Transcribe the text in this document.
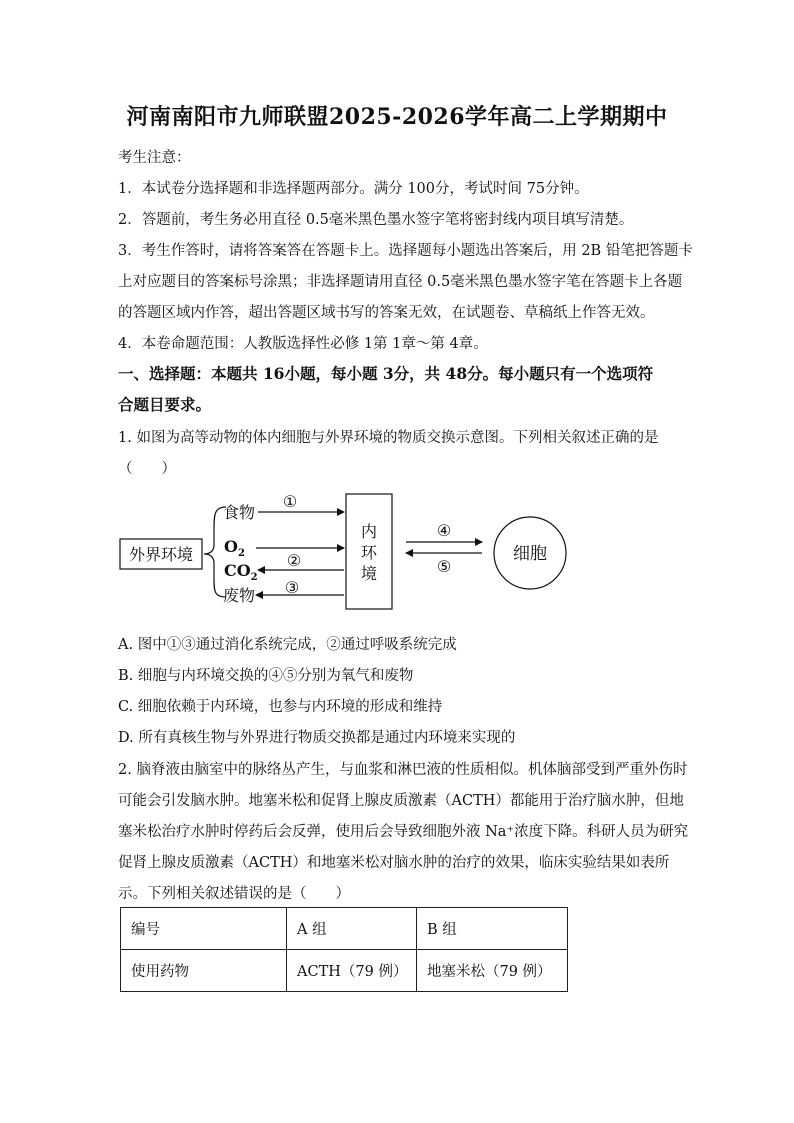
河南南阳市九师联盟2025-2026学年高二上学期期中
考生注意：
1．本试卷分选择题和非选择题两部分。满分 100分，考试时间 75分钟。
2．答题前，考生务必用直径 0.5毫米黑色墨水签字笔将密封线内项目填写清楚。
3．考生作答时，请将答案答在答题卡上。选择题每小题选出答案后，用 2B 铅笔把答题卡
上对应题目的答案标号涂黑；非选择题请用直径 0.5毫米黑色墨水签字笔在答题卡上各题
的答题区域内作答，超出答题区域书写的答案无效，在试题卷、草稿纸上作答无效。
4．本卷命题范围：人教版选择性必修 1第 1章～第 4章。
一、选择题：本题共 16小题，每小题 3分，共 48分。每小题只有一个选项符
合题目要求。
1. 如图为高等动物的体内细胞与外界环境的物质交换示意图。下列相关叙述正确的是
（　　）
外界环境
食物
$O_2$
$CO_2$
废物
①
②
③
内
环
境
④
⑤
细胞
A. 图中①③通过消化系统完成，②通过呼吸系统完成
B. 细胞与内环境交换的④⑤分别为氧气和废物
C. 细胞依赖于内环境，也参与内环境的形成和维持
D. 所有真核生物与外界进行物质交换都是通过内环境来实现的
2. 脑脊液由脑室中的脉络丛产生，与血浆和淋巴液的性质相似。机体脑部受到严重外伤时
可能会引发脑水肿。地塞米松和促肾上腺皮质激素（ACTH）都能用于治疗脑水肿，但地
塞米松治疗水肿时停药后会反弹，使用后会导致细胞外液 Na⁺浓度下降。科研人员为研究
促肾上腺皮质激素（ACTH）和地塞米松对脑水肿的治疗的效果，临床实验结果如表所
示。下列相关叙述错误的是（　　）
编号	A 组	B 组
使用药物	ACTH（79 例）	地塞米松（79 例）
